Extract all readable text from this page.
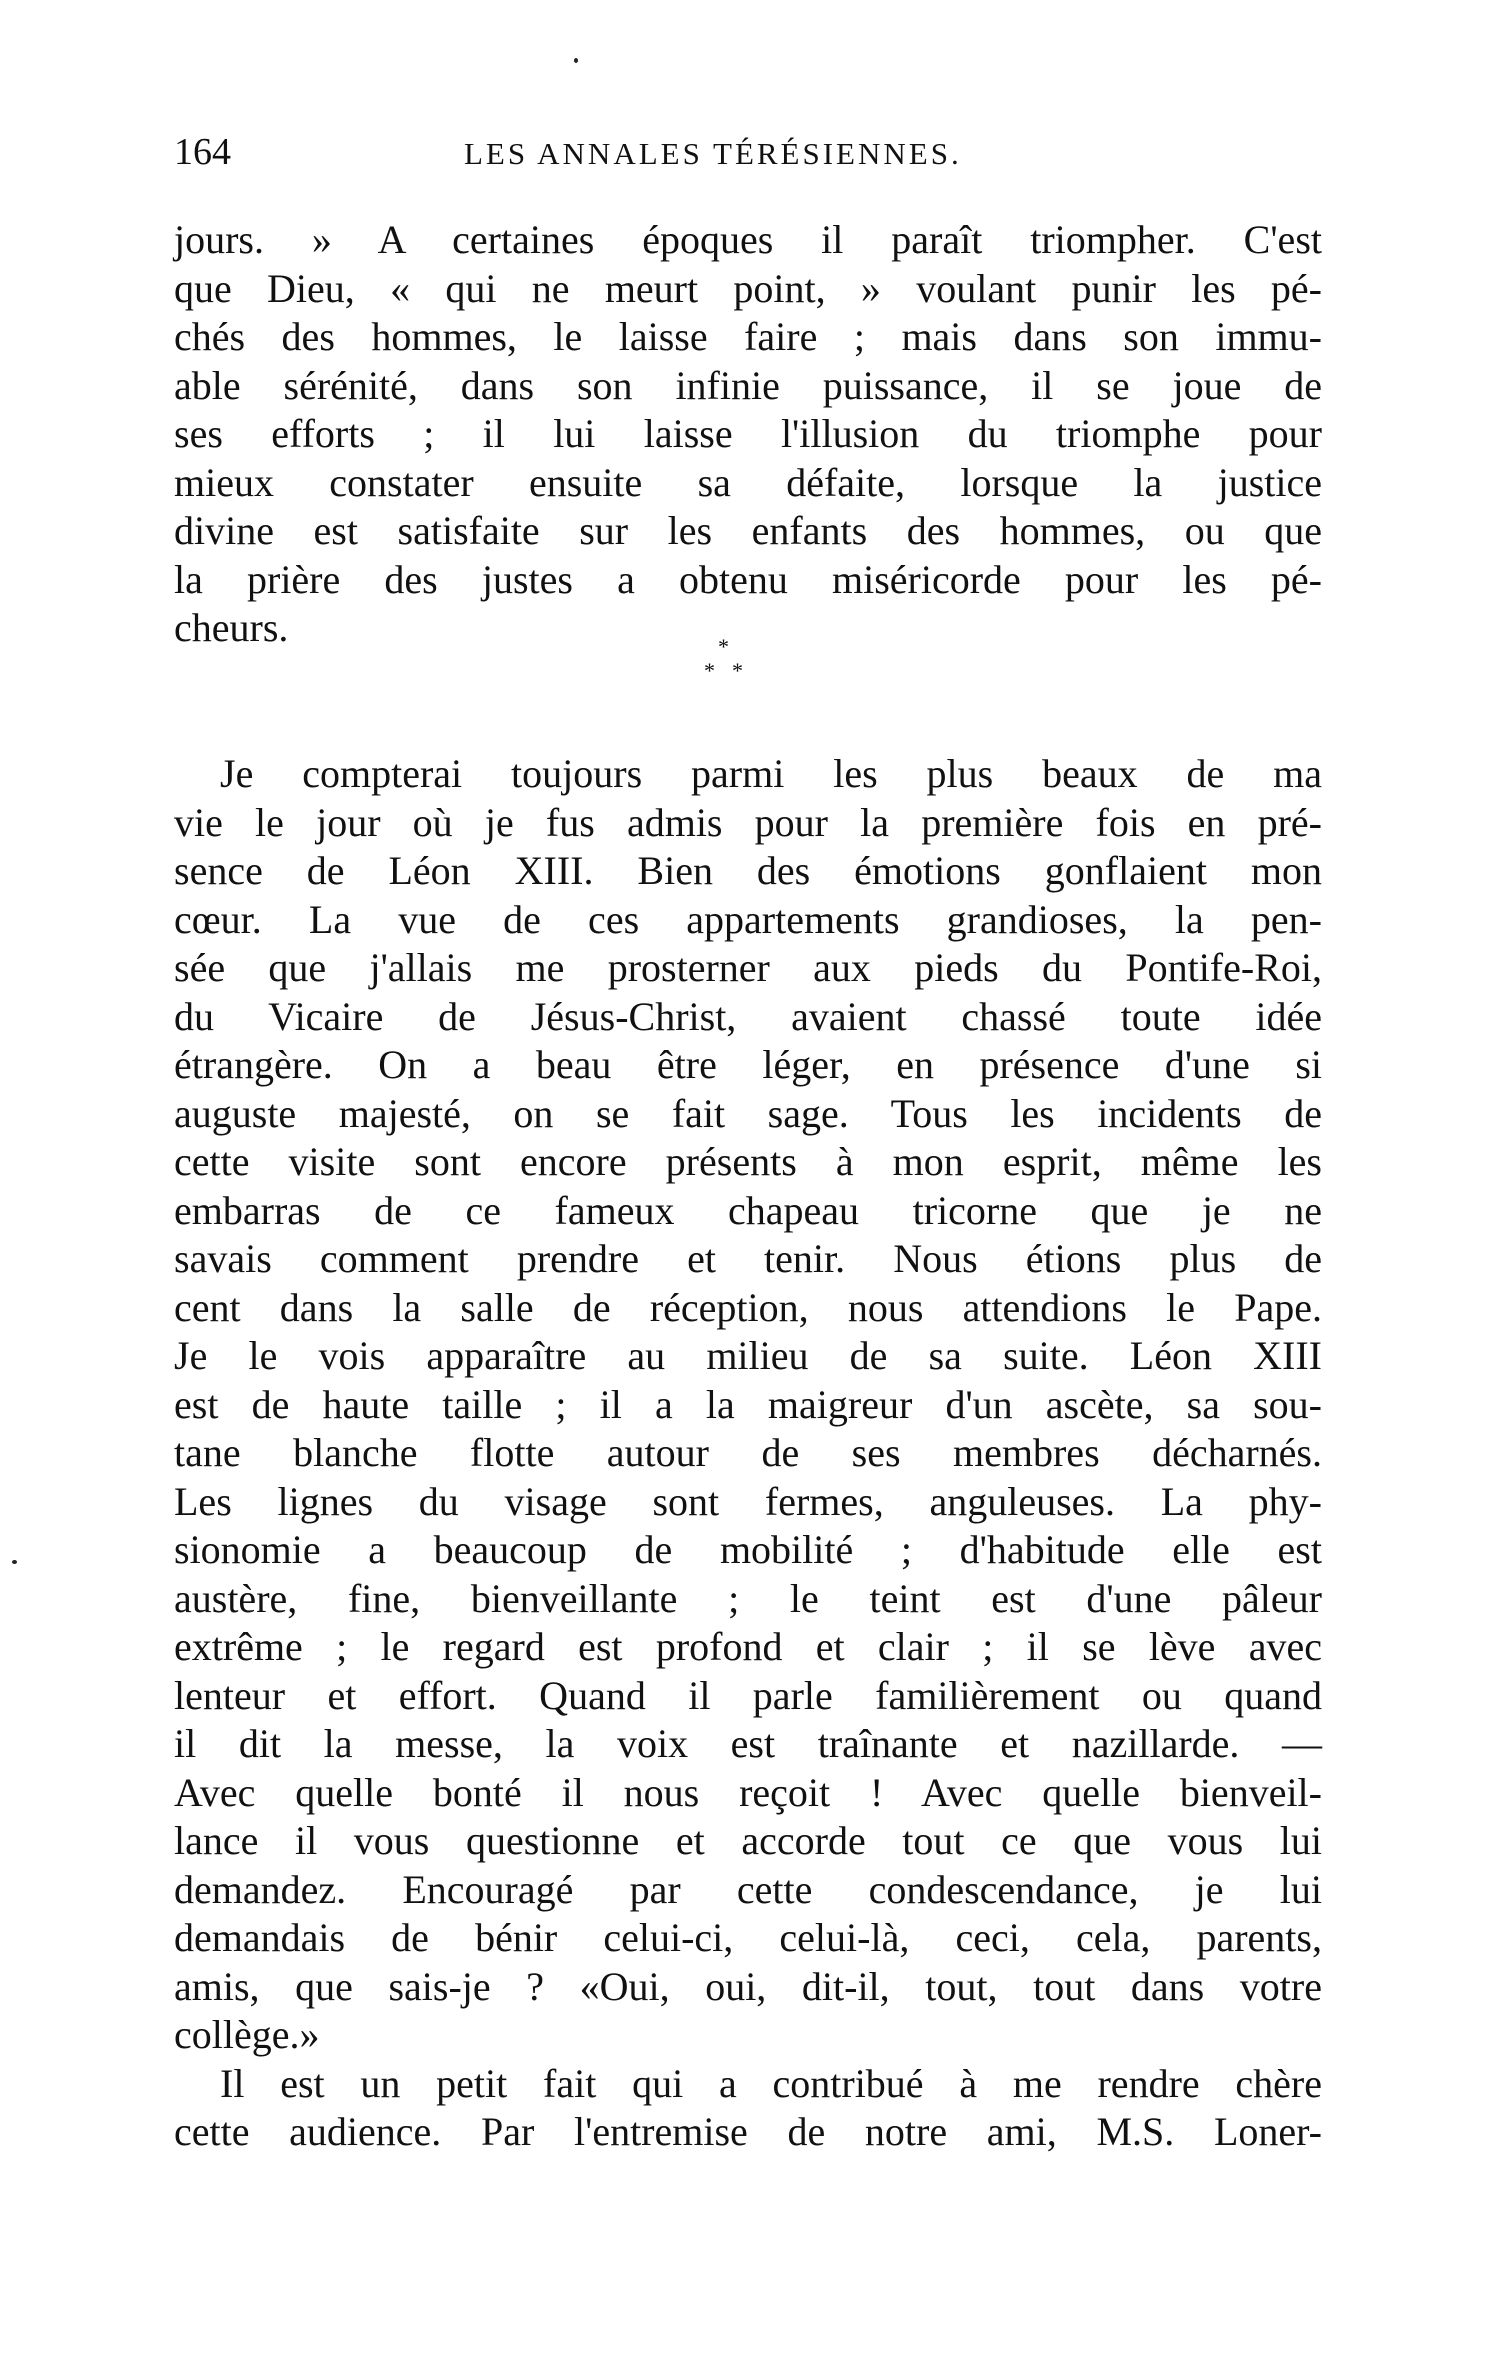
164	LES ANNALES TÉRÉSIENNES.
jours. » A certaines époques il paraît triompher. C'est
que Dieu, « qui ne meurt point, » voulant punir les pé-
chés des hommes, le laisse faire ; mais dans son immu-
able sérénité, dans son infinie puissance, il se joue de
ses efforts ; il lui laisse l'illusion du triomphe pour
mieux constater ensuite sa défaite, lorsque la justice
divine est satisfaite sur les enfants des hommes, ou que
la prière des justes a obtenu miséricorde pour les pé-
cheurs.	*
* *
Je compterai toujours parmi les plus beaux de ma
vie le jour où je fus admis pour la première fois en pré-
sence de Léon XIII. Bien des émotions gonflaient mon
cœur. La vue de ces appartements grandioses, la pen-
sée que j'allais me prosterner aux pieds du Pontife-Roi,
du Vicaire de Jésus-Christ, avaient chassé toute idée
étrangère. On a beau être léger, en présence d'une si
auguste majesté, on se fait sage. Tous les incidents de
cette visite sont encore présents à mon esprit, même les
embarras de ce fameux chapeau tricorne que je ne
savais comment prendre et tenir. Nous étions plus de
cent dans la salle de réception, nous attendions le Pape.
Je le vois apparaître au milieu de sa suite. Léon XIII
est de haute taille ; il a la maigreur d'un ascète, sa sou-
tane blanche flotte autour de ses membres décharnés.
Les lignes du visage sont fermes, anguleuses. La phy-
sionomie a beaucoup de mobilité ; d'habitude elle est
austère, fine, bienveillante ; le teint est d'une pâleur
extrême ; le regard est profond et clair ; il se lève avec
lenteur et effort. Quand il parle familièrement ou quand
il dit la messe, la voix est traînante et nazillarde. —
Avec quelle bonté il nous reçoit ! Avec quelle bienveil-
lance il vous questionne et accorde tout ce que vous lui
demandez. Encouragé par cette condescendance, je lui
demandais de bénir celui-ci, celui-là, ceci, cela, parents,
amis, que sais-je ? «Oui, oui, dit-il, tout, tout dans votre
collège.»
Il est un petit fait qui a contribué à me rendre chère
cette audience. Par l'entremise de notre ami, M.S. Loner-
